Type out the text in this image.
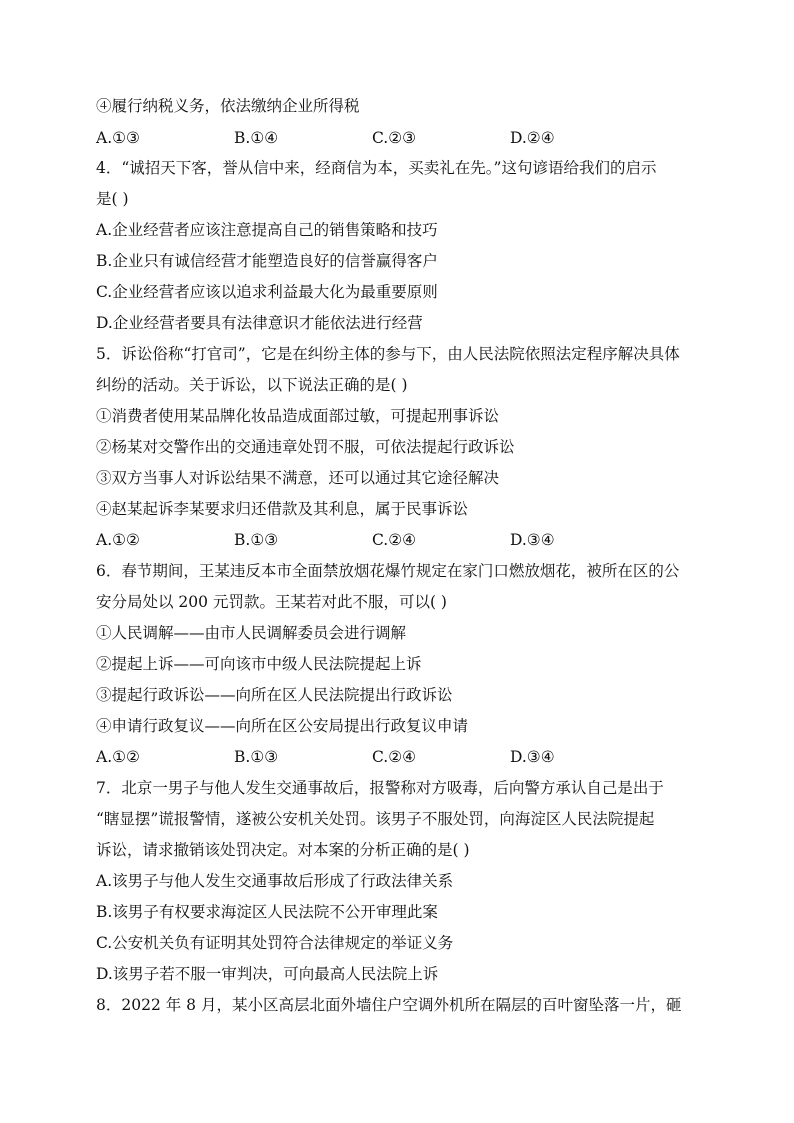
④履行纳税义务，依法缴纳企业所得税
A.①③	B.①④	C.②③	D.②④
4．“诚招天下客，誉从信中来，经商信为本，买卖礼在先。”这句谚语给我们的启示
是( )
A.企业经营者应该注意提高自己的销售策略和技巧
B.企业只有诚信经营才能塑造良好的信誉赢得客户
C.企业经营者应该以追求利益最大化为最重要原则
D.企业经营者要具有法律意识才能依法进行经营
5．诉讼俗称“打官司”，它是在纠纷主体的参与下，由人民法院依照法定程序解决具体
纠纷的活动。关于诉讼，以下说法正确的是( )
①消费者使用某品牌化妆品造成面部过敏，可提起刑事诉讼
②杨某对交警作出的交通违章处罚不服，可依法提起行政诉讼
③双方当事人对诉讼结果不满意，还可以通过其它途径解决
④赵某起诉李某要求归还借款及其利息，属于民事诉讼
A.①②	B.①③	C.②④	D.③④
6．春节期间，王某违反本市全面禁放烟花爆竹规定在家门口燃放烟花，被所在区的公
安分局处以 200 元罚款。王某若对此不服，可以( )
①人民调解——由市人民调解委员会进行调解
②提起上诉——可向该市中级人民法院提起上诉
③提起行政诉讼——向所在区人民法院提出行政诉讼
④申请行政复议——向所在区公安局提出行政复议申请
A.①②	B.①③	C.②④	D.③④
7．北京一男子与他人发生交通事故后，报警称对方吸毒，后向警方承认自己是出于
“瞎显摆”谎报警情，遂被公安机关处罚。该男子不服处罚，向海淀区人民法院提起
诉讼，请求撤销该处罚决定。对本案的分析正确的是( )
A.该男子与他人发生交通事故后形成了行政法律关系
B.该男子有权要求海淀区人民法院不公开审理此案
C.公安机关负有证明其处罚符合法律规定的举证义务
D.该男子若不服一审判决，可向最高人民法院上诉
8．2022 年 8 月，某小区高层北面外墙住户空调外机所在隔层的百叶窗坠落一片，砸
